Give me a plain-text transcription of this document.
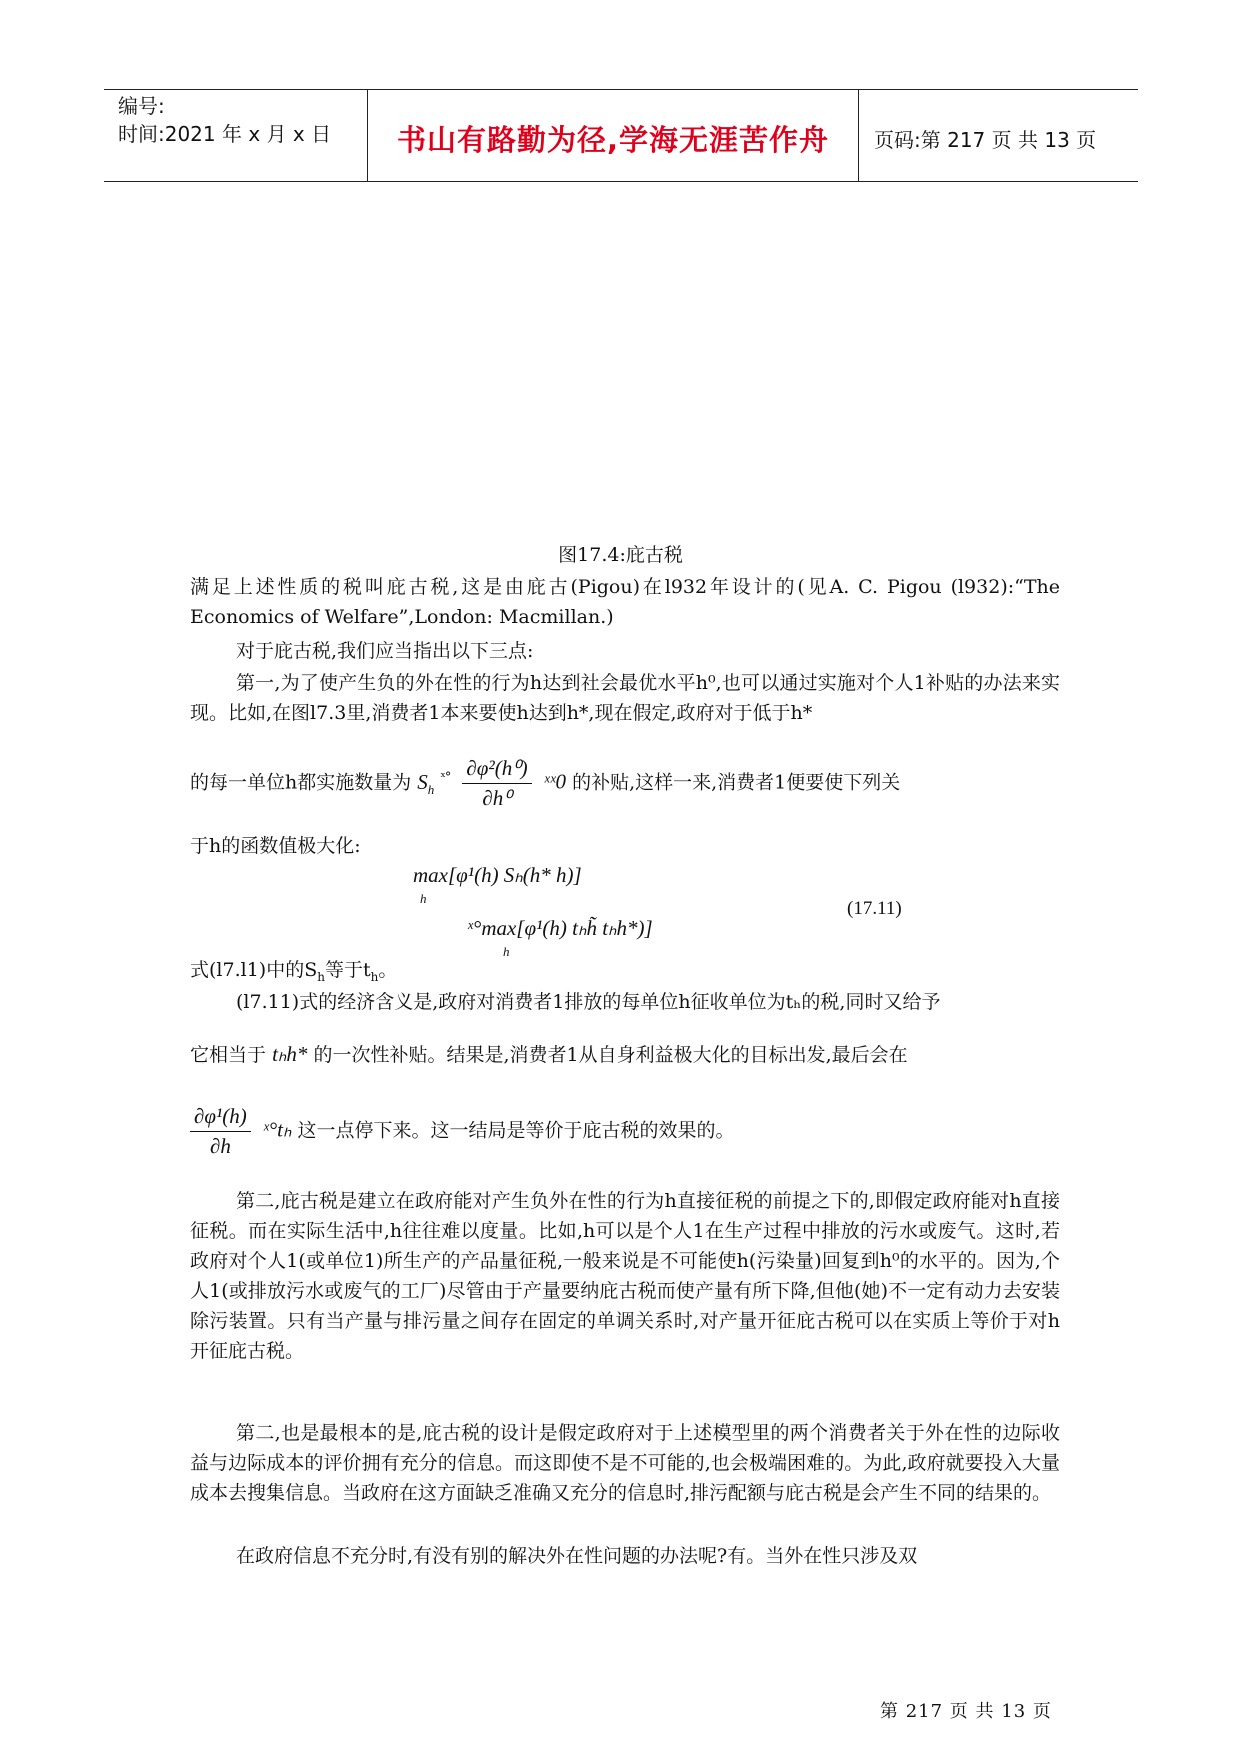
编号:
时间:2021 年 x 月 x 日	书山有路勤为径,学海无涯苦作舟	页码:第 217 页 共 13 页
图17.4:庇古税

满足上述性质的税叫庇古税,这是由庇古(Pigou)在l932年设计的(见A. C. Pigou (l932):“The Economics of Welfare”,London: Macmillan.)

对于庇古税,我们应当指出以下三点:

第一,为了使产生负的外在性的行为h达到社会最优水平h⁰,也可以通过实施对个人1补贴的办法来实现。比如,在图l7.3里,消费者1本来要使h达到h*,现在假定,政府对于低于h*

的每一单位h都实施数量为 $S_h$ $^{ˣ^\circ} \frac{\text{∂φ²(h⁰)}}{\text{∂h⁰}}$ ˣˣ0 的补贴,这样一来,消费者1便要使下列关

于h的函数值极大化:

max[φ¹(h) Sₕ(h* h)]
h
ˣ°max[φ¹(h) tₕh̃ tₕh*)]
h
(17.11)
式(l7.l1)中的$S_h$等于$t_h$。

(l7.11)式的经济含义是,政府对消费者1排放的每单位h征收单位为tₕ的税,同时又给予

它相当于 tₕh* 的一次性补贴。结果是,消费者1从自身利益极大化的目标出发,最后会在
$\frac{\text{∂φ¹(h)}}{\partial h}$ ˣ°tₕ 这一点停下来。这一结局是等价于庇古税的效果的。

第二,庇古税是建立在政府能对产生负外在性的行为h直接征税的前提之下的,即假定政府能对h直接征税。而在实际生活中,h往往难以度量。比如,h可以是个人1在生产过程中排放的污水或废气。这时,若政府对个人1(或单位1)所生产的产品量征税,一般来说是不可能使h(污染量)回复到h⁰的水平的。因为,个人1(或排放污水或废气的工厂)尽管由于产量要纳庇古税而使产量有所下降,但他(她)不一定有动力去安装除污装置。只有当产量与排污量之间存在固定的单调关系时,对产量开征庇古税可以在实质上等价于对h开征庇古税。

第二,也是最根本的是,庇古税的设计是假定政府对于上述模型里的两个消费者关于外在性的边际收益与边际成本的评价拥有充分的信息。而这即使不是不可能的,也会极端困难的。为此,政府就要投入大量成本去搜集信息。当政府在这方面缺乏准确又充分的信息时,排污配额与庇古税是会产生不同的结果的。

在政府信息不充分时,有没有别的解决外在性问题的办法呢?有。当外在性只涉及双

第 217 页 共 13 页
